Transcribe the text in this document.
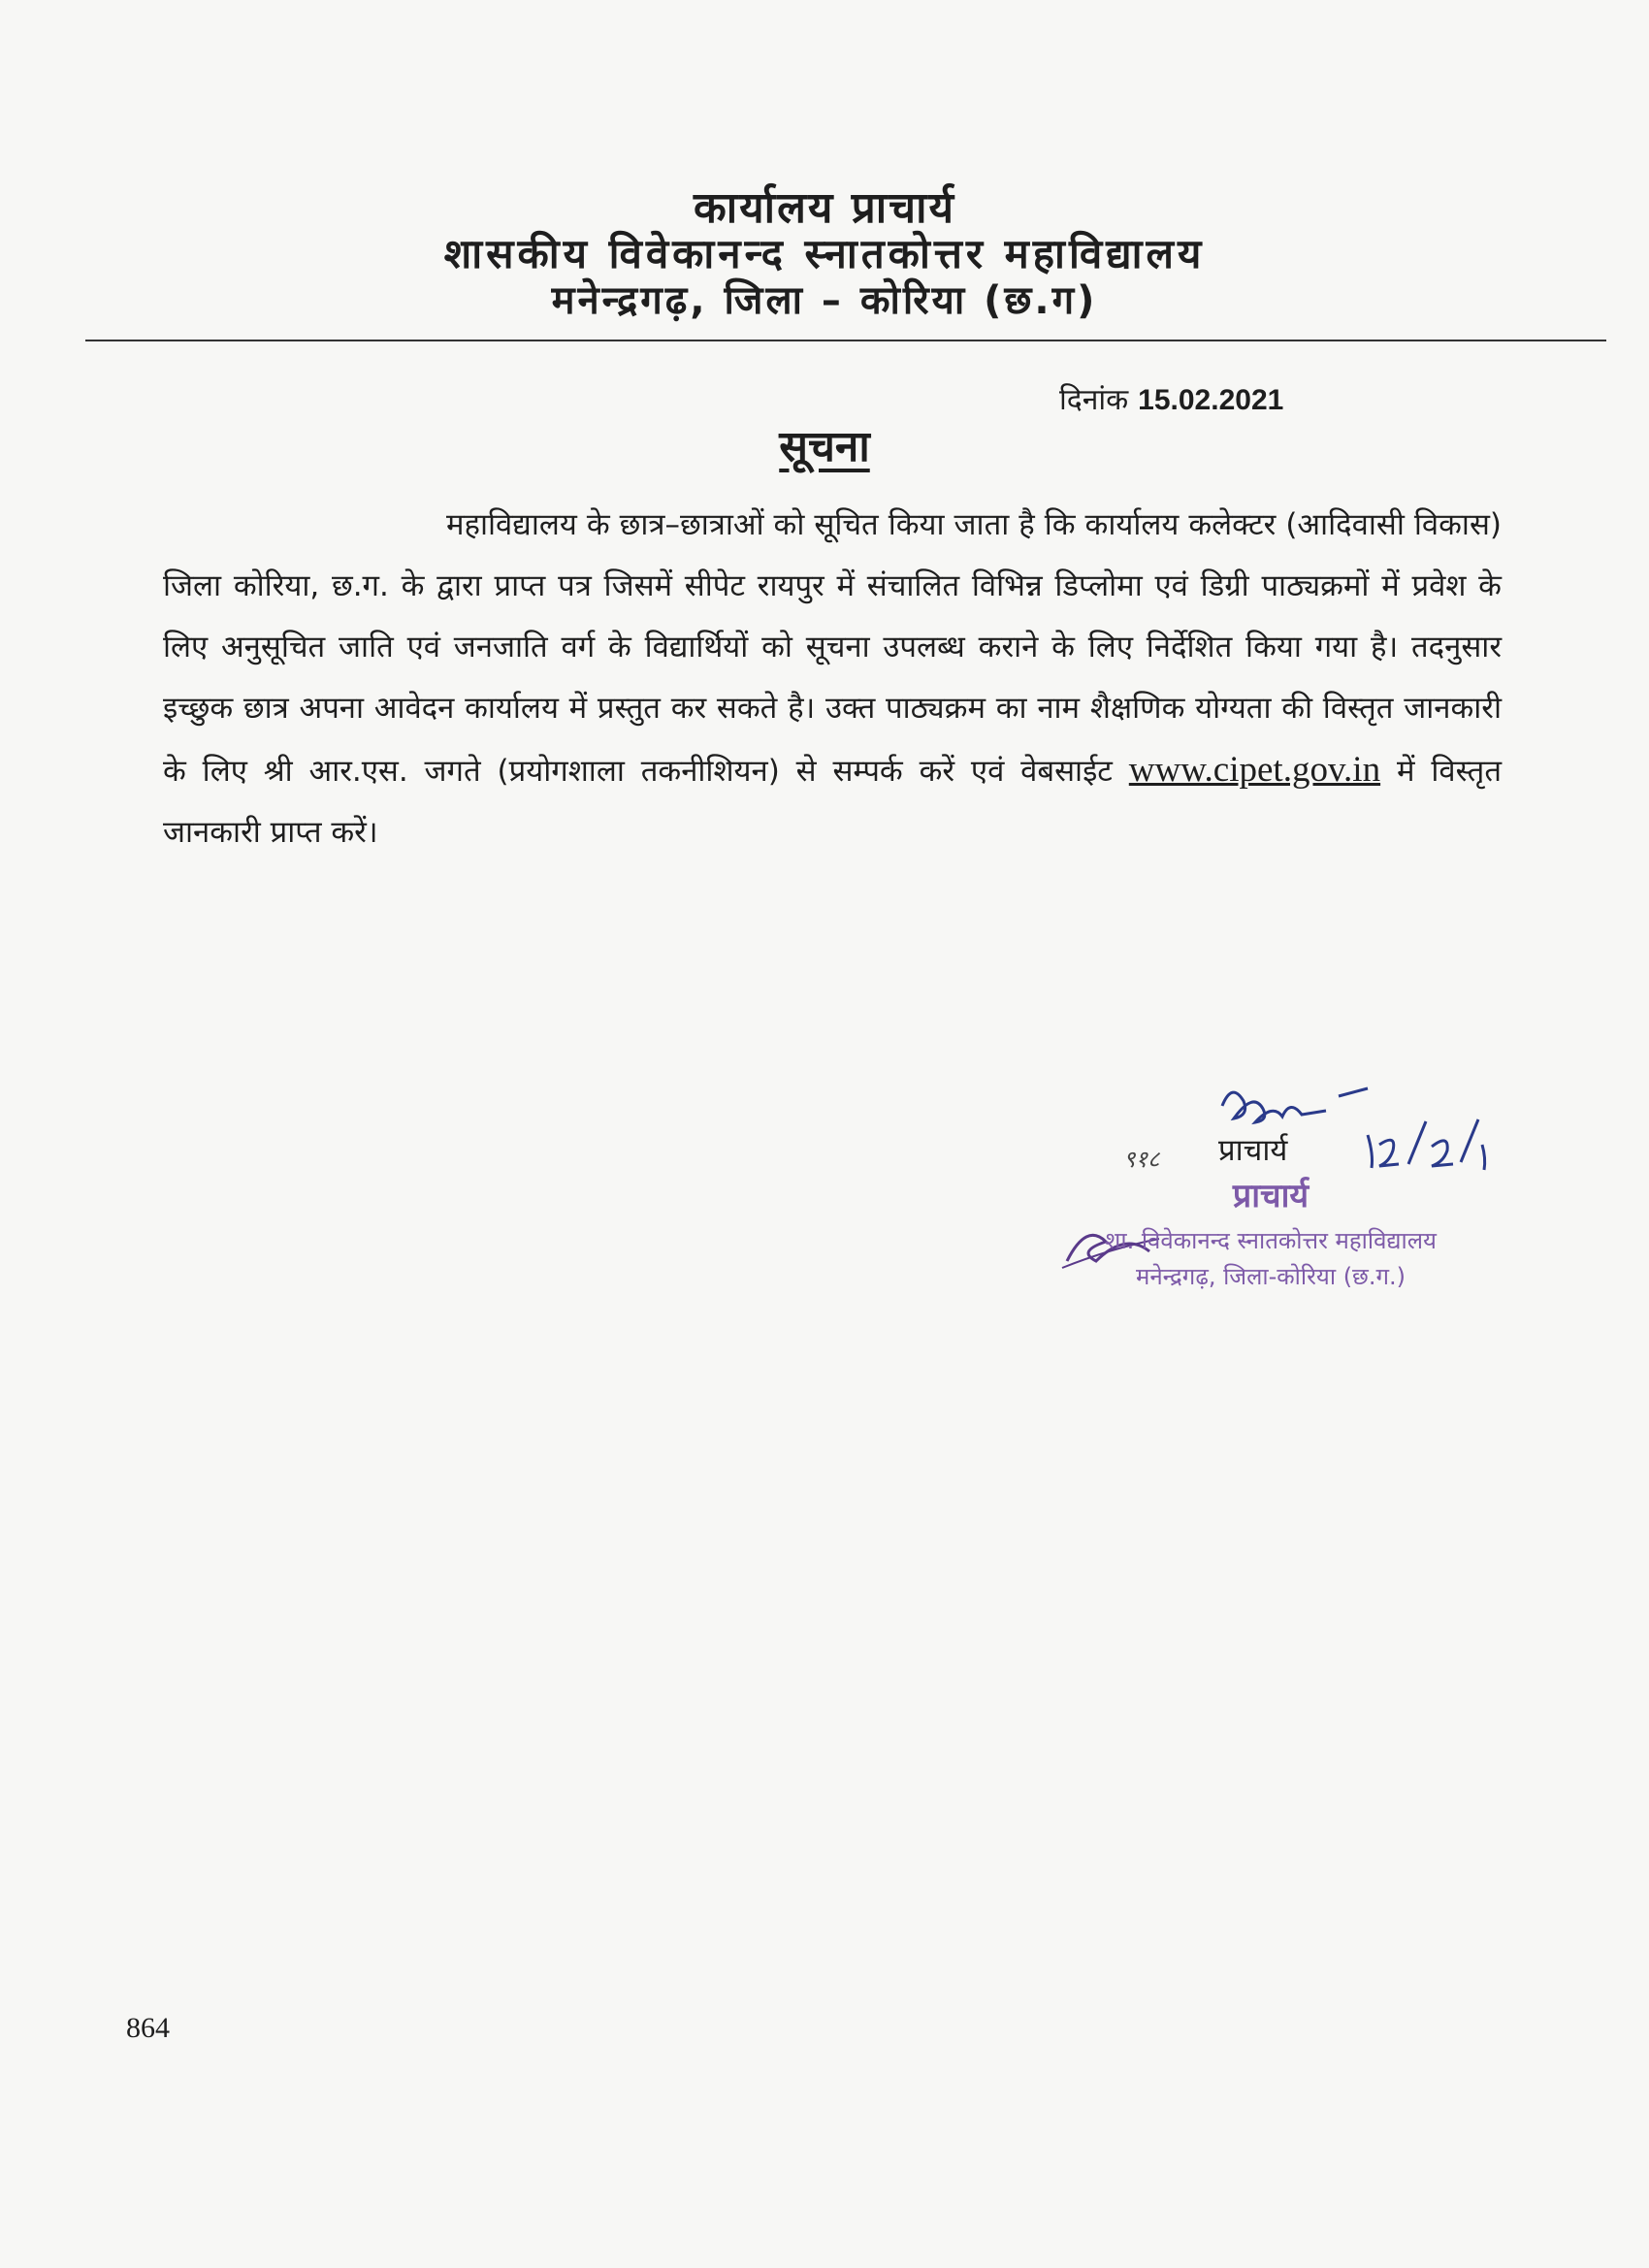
कार्यालय प्राचार्य
शासकीय विवेकानन्द स्नातकोत्तर महाविद्यालय
मनेन्द्रगढ़, जिला – कोरिया (छ.ग)
दिनांक 15.02.2021
सूचना

महाविद्यालय के छात्र–छात्राओं को सूचित किया जाता है कि कार्यालय कलेक्टर (आदिवासी विकास) जिला कोरिया, छ.ग. के द्वारा प्राप्त पत्र जिसमें सीपेट रायपुर में संचालित विभिन्न डिप्लोमा एवं डिग्री पाठ्यक्रमों में प्रवेश के लिए अनुसूचित जाति एवं जनजाति वर्ग के विद्यार्थियों को सूचना उपलब्ध कराने के लिए निर्देशित किया गया है। तदनुसार इच्छुक छात्र अपना आवेदन कार्यालय में प्रस्तुत कर सकते है। उक्त पाठ्यक्रम का नाम शैक्षणिक योग्यता की विस्तृत जानकारी के लिए श्री आर.एस. जगते (प्रयोगशाला तकनीशियन) से सम्पर्क करें एवं वेबसाईट www.cipet.gov.in में विस्तृत जानकारी प्राप्त करें।

९१८ प्राचार्य
प्राचार्य
शा. विवेकानन्द स्नातकोत्तर महाविद्यालय
मनेन्द्रगढ़, जिला-कोरिया (छ.ग.)
864
